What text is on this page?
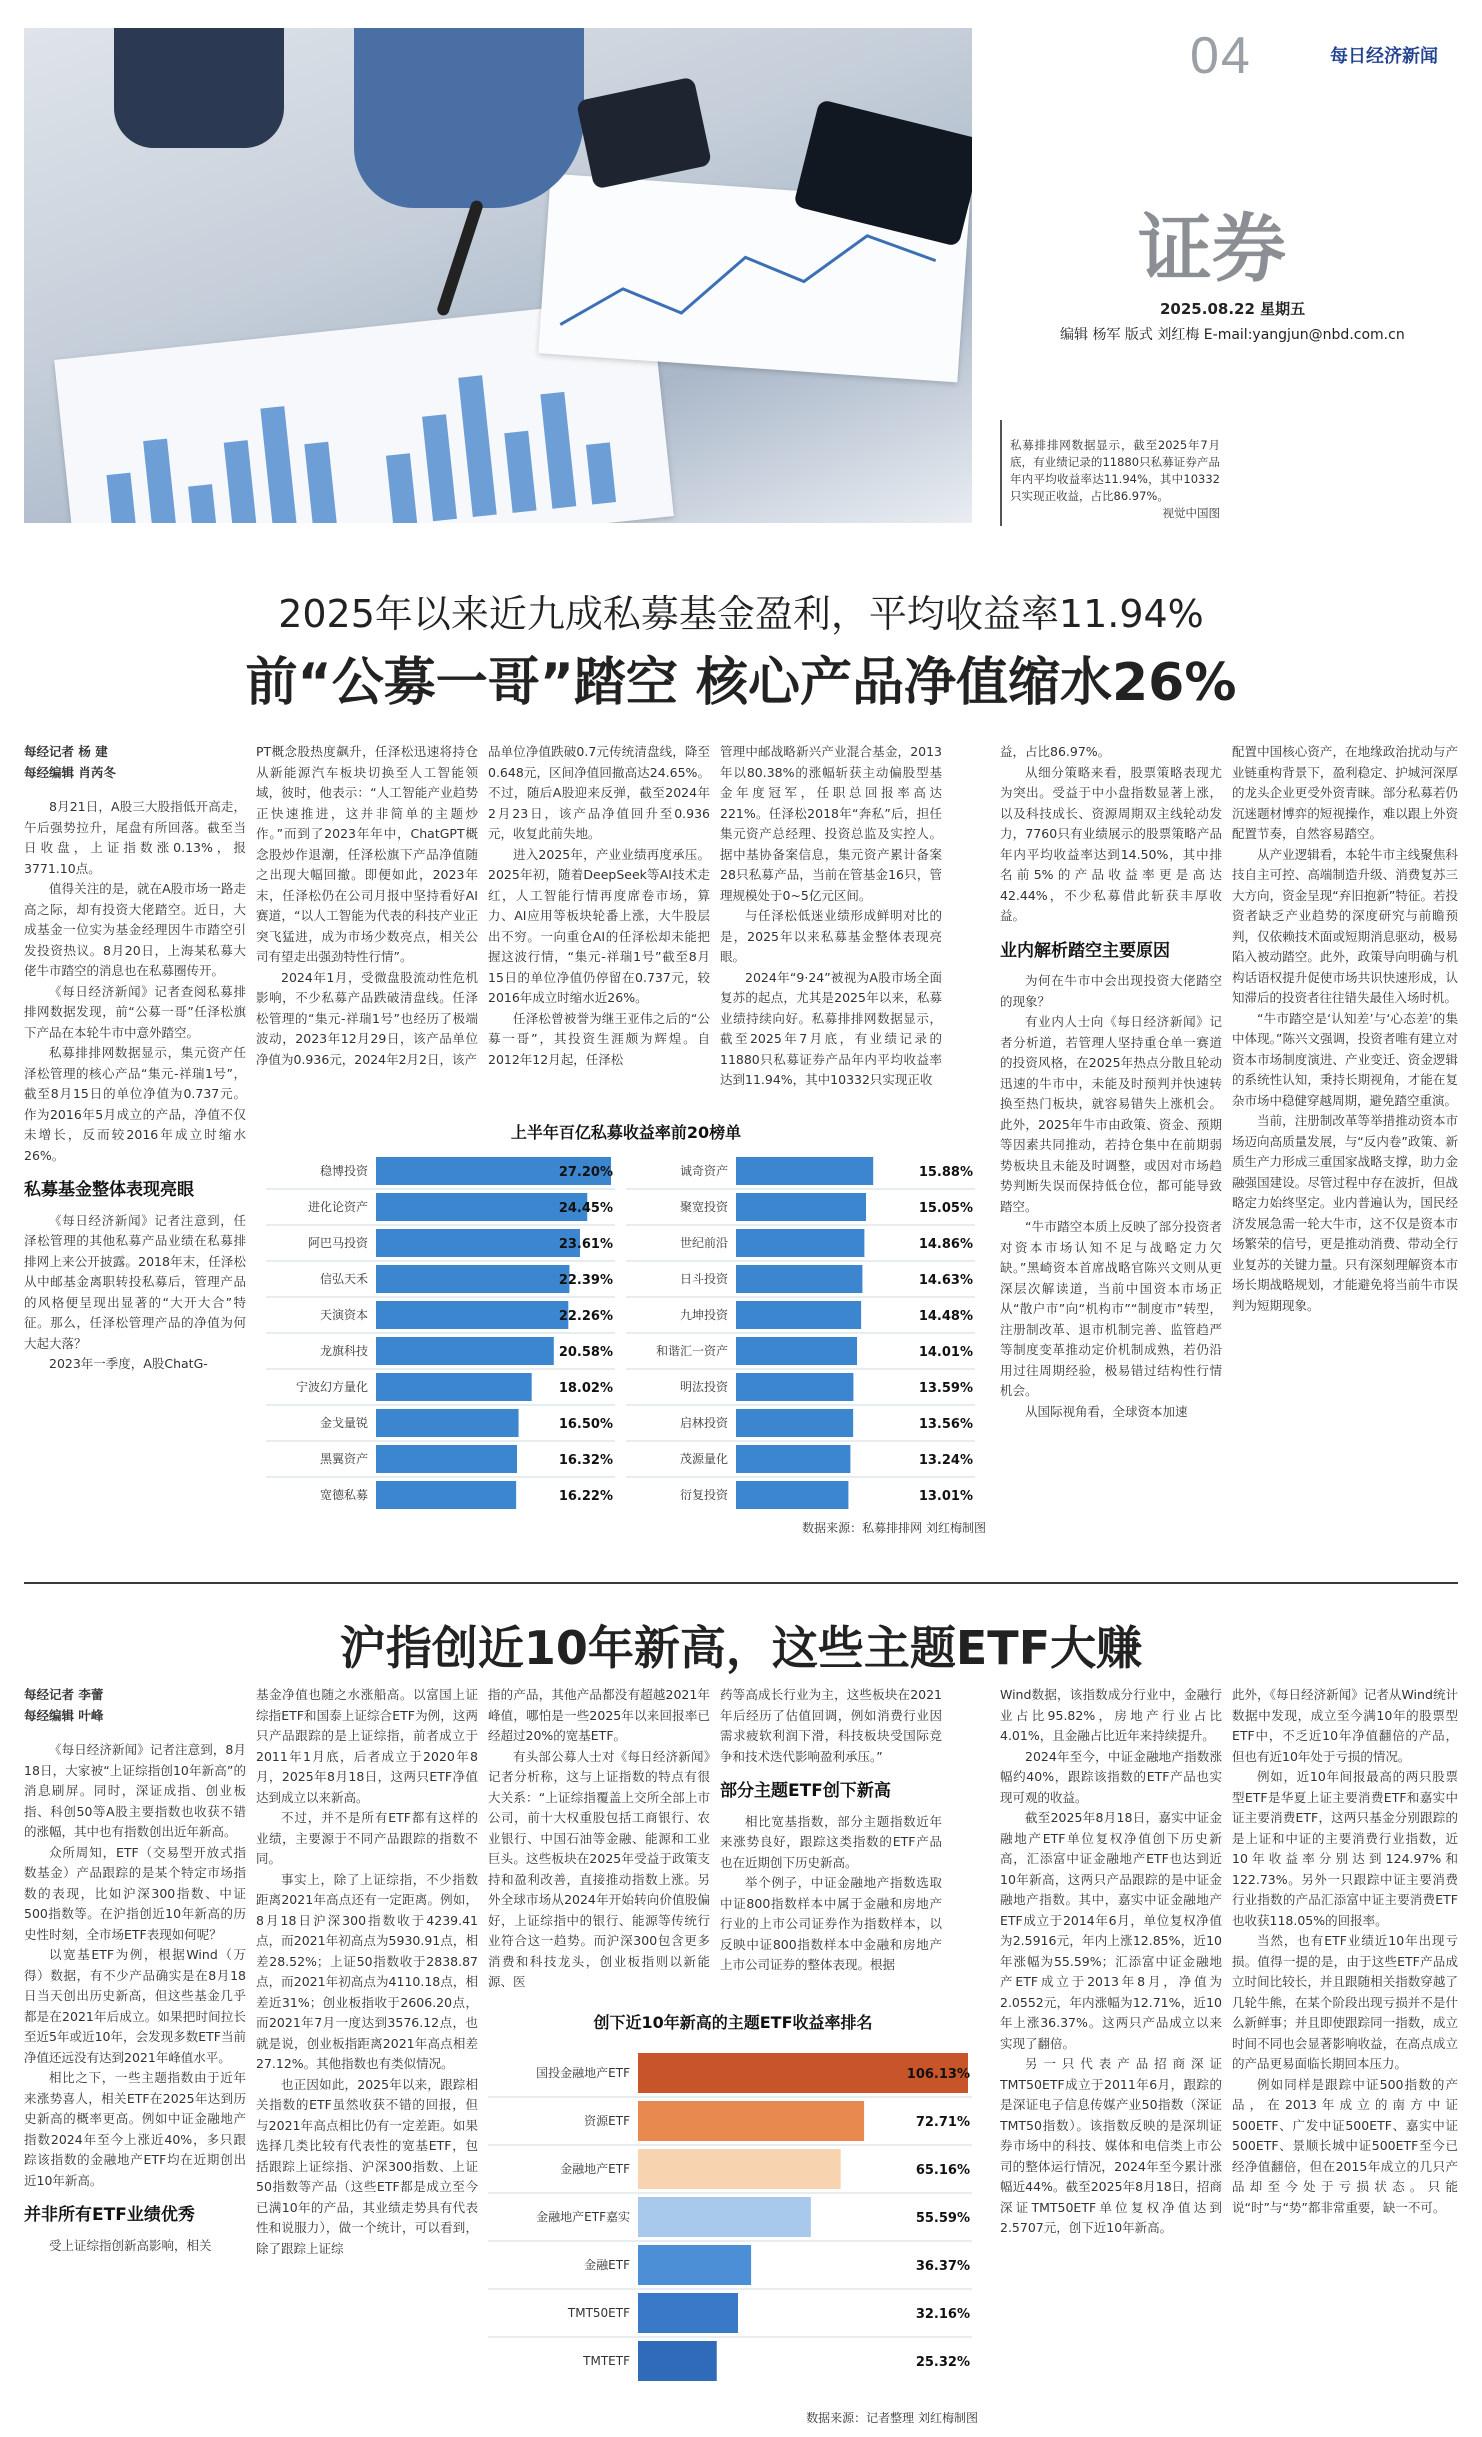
04	每日经济新闻
证券
2025.08.22 星期五
编辑 杨军 版式 刘红梅 E-mail:yangjun@nbd.com.cn
私募排排网数据显示，截至2025年7月底，有业绩记录的11880只私募证券产品年内平均收益率达11.94%，其中10332只实现正收益，占比86.97%。
视觉中国图
2025年以来近九成私募基金盈利，平均收益率11.94%
前“公募一哥”踏空 核心产品净值缩水26%

每经记者 杨 建

每经编辑 肖芮冬

8月21日，A股三大股指低开高走，午后强势拉升，尾盘有所回落。截至当日收盘，上证指数涨0.13%，报3771.10点。

值得关注的是，就在A股市场一路走高之际，却有投资大佬踏空。近日，大成基金一位实为基金经理因牛市踏空引发投资热议。8月20日，上海某私募大佬牛市踏空的消息也在私募圈传开。

《每日经济新闻》记者查阅私募排排网数据发现，前“公募一哥”任泽松旗下产品在本轮牛市中意外踏空。

私募排排网数据显示，集元资产任泽松管理的核心产品“集元-祥瑞1号”，截至8月15日的单位净值为0.737元。作为2016年5月成立的产品，净值不仅未增长，反而较2016年成立时缩水26%。

私募基金整体表现亮眼

《每日经济新闻》记者注意到，任泽松管理的其他私募产品业绩在私募排排网上来公开披露。2018年末，任泽松从中邮基金离职转投私募后，管理产品的风格便呈现出显著的“大开大合”特征。那么，任泽松管理产品的净值为何大起大落？

2023年一季度，A股ChatG-

PT概念股热度飙升，任泽松迅速将持仓从新能源汽车板块切换至人工智能领域，彼时，他表示：“人工智能产业趋势正快速推进，这并非简单的主题炒作。”而到了2023年年中，ChatGPT概念股炒作退潮，任泽松旗下产品净值随之出现大幅回撤。即便如此，2023年末，任泽松仍在公司月报中坚持看好AI赛道，“以人工智能为代表的科技产业正突飞猛进，成为市场少数亮点，相关公司有望走出强劲特性行情”。

2024年1月，受微盘股流动性危机影响，不少私募产品跌破清盘线。任泽松管理的“集元-祥瑞1号”也经历了极端波动，2023年12月29日，该产品单位净值为0.936元，2024年2月2日，该产

品单位净值跌破0.7元传统清盘线，降至0.648元，区间净值回撤高达24.65%。不过，随后A股迎来反弹，截至2024年2月23日，该产品净值回升至0.936元，收复此前失地。

进入2025年，产业业绩再度承压。2025年初，随着DeepSeek等AI技术走红，人工智能行情再度席卷市场，算力、AI应用等板块轮番上涨，大牛股层出不穷。一向重仓AI的任泽松却未能把握这波行情，“集元-祥瑞1号”截至8月15日的单位净值仍停留在0.737元，较2016年成立时缩水近26%。

任泽松曾被誉为继王亚伟之后的“公募一哥”，其投资生涯颇为辉煌。自2012年12月起，任泽松

管理中邮战略新兴产业混合基金，2013年以80.38%的涨幅斩获主动偏股型基金年度冠军，任职总回报率高达221%。任泽松2018年“奔私”后，担任集元资产总经理、投资总监及实控人。据中基协备案信息，集元资产累计备案28只私募产品，当前在管基金16只，管理规模处于0~5亿元区间。

与任泽松低迷业绩形成鲜明对比的是，2025年以来私募基金整体表现亮眼。

2024年“9·24”被视为A股市场全面复苏的起点，尤其是2025年以来，私募业绩持续向好。私募排排网数据显示，截至2025年7月底，有业绩记录的11880只私募证券产品年内平均收益率达到11.94%，其中10332只实现正收

益，占比86.97%。

从细分策略来看，股票策略表现尤为突出。受益于中小盘指数显著上涨，以及科技成长、资源周期双主线轮动发力，7760只有业绩展示的股票策略产品年内平均收益率达到14.50%，其中排名前5%的产品收益率更是高达42.44%，不少私募借此斩获丰厚收益。

业内解析踏空主要原因

为何在牛市中会出现投资大佬踏空的现象？

有业内人士向《每日经济新闻》记者分析道，若管理人坚持重仓单一赛道的投资风格，在2025年热点分散且轮动迅速的牛市中，未能及时预判并快速转换至热门板块，就容易错失上涨机会。此外，2025年牛市由政策、资金、预期等因素共同推动，若持仓集中在前期弱势板块且未能及时调整，或因对市场趋势判断失误而保持低仓位，都可能导致踏空。

“牛市踏空本质上反映了部分投资者对资本市场认知不足与战略定力欠缺。”黑崎资本首席战略官陈兴文则从更深层次解读道，当前中国资本市场正从“散户市”向“机构市”“制度市”转型，注册制改革、退市机制完善、监管趋严等制度变革推动定价机制成熟，若仍沿用过往周期经验，极易错过结构性行情机会。

从国际视角看，全球资本加速

配置中国核心资产，在地缘政治扰动与产业链重构背景下，盈利稳定、护城河深厚的龙头企业更受外资青睐。部分私募若仍沉迷题材博弈的短视操作，难以跟上外资配置节奏，自然容易踏空。

从产业逻辑看，本轮牛市主线聚焦科技自主可控、高端制造升级、消费复苏三大方向，资金呈现“弃旧抱新”特征。若投资者缺乏产业趋势的深度研究与前瞻预判，仅依赖技术面或短期消息驱动，极易陷入被动踏空。此外，政策导向明确与机构话语权提升促使市场共识快速形成，认知滞后的投资者往往错失最佳入场时机。

“牛市踏空是‘认知差’与‘心态差’的集中体现。”陈兴文强调，投资者唯有建立对资本市场制度演进、产业变迁、资金逻辑的系统性认知，秉持长期视角，才能在复杂市场中稳健穿越周期，避免踏空重演。

当前，注册制改革等举措推动资本市场迈向高质量发展，与“反内卷”政策、新质生产力形成三重国家战略支撑，助力金融强国建设。尽管过程中存在波折，但战略定力始终坚定。业内普遍认为，国民经济发展急需一轮大牛市，这不仅是资本市场繁荣的信号，更是推动消费、带动全行业复苏的关键力量。只有深刻理解资本市场长期战略规划，才能避免将当前牛市误判为短期现象。

上半年百亿私募收益率前20榜单
稳博投资	27.20%
进化论资产	24.45%
阿巴马投资	23.61%
信弘天禾	22.39%
天演资本	22.26%
龙旗科技	20.58%
宁波幻方量化	18.02%
金戈量锐	16.50%
黑翼资产	16.32%
宽德私募	16.22%
诚奇资产	15.88%
聚宽投资	15.05%
世纪前沿	14.86%
日斗投资	14.63%
九坤投资	14.48%
和谐汇一资产	14.01%
明汯投资	13.59%
启林投资	13.56%
茂源量化	13.24%
衍复投资	13.01%
数据来源：私募排排网 刘红梅制图
沪指创近10年新高，这些主题ETF大赚

每经记者 李蕾

每经编辑 叶峰

《每日经济新闻》记者注意到，8月18日，大家被“上证综指创10年新高”的消息刷屏。同时，深证成指、创业板指、科创50等A股主要指数也收获不错的涨幅，其中也有指数创出近年新高。

众所周知，ETF（交易型开放式指数基金）产品跟踪的是某个特定市场指数的表现，比如沪深300指数、中证500指数等。在沪指创近10年新高的历史性时刻，全市场ETF表现如何呢？

以宽基ETF为例，根据Wind（万得）数据，有不少产品确实是在8月18日当天创出历史新高，但这些基金几乎都是在2021年后成立。如果把时间拉长至近5年或近10年，会发现多数ETF当前净值还远没有达到2021年峰值水平。

相比之下，一些主题指数由于近年来涨势喜人，相关ETF在2025年达到历史新高的概率更高。例如中证金融地产指数2024年至今上涨近40%，多只跟踪该指数的金融地产ETF均在近期创出近10年新高。

并非所有ETF业绩优秀

受上证综指创新高影响，相关

基金净值也随之水涨船高。以富国上证综指ETF和国泰上证综合ETF为例，这两只产品跟踪的是上证综指，前者成立于2011年1月底，后者成立于2020年8月，2025年8月18日，这两只ETF净值达到成立以来新高。

不过，并不是所有ETF都有这样的业绩，主要源于不同产品跟踪的指数不同。

事实上，除了上证综指，不少指数距离2021年高点还有一定距离。例如，8月18日沪深300指数收于4239.41点，而2021年初高点为5930.91点，相差28.52%；上证50指数收于2838.87点，而2021年初高点为4110.18点，相差近31%；创业板指收于2606.20点，而2021年7月一度达到3576.12点，也就是说，创业板指距离2021年高点相差27.12%。其他指数也有类似情况。

也正因如此，2025年以来，跟踪相关指数的ETF虽然收获不错的回报，但与2021年高点相比仍有一定差距。如果选择几类比较有代表性的宽基ETF，包括跟踪上证综指、沪深300指数、上证50指数等产品（这些ETF都是成立至今已满10年的产品，其业绩走势具有代表性和说服力），做一个统计，可以看到，除了跟踪上证综

指的产品，其他产品都没有超越2021年峰值，哪怕是一些2025年以来回报率已经超过20%的宽基ETF。

有头部公募人士对《每日经济新闻》记者分析称，这与上证指数的特点有很大关系：“上证综指覆盖上交所全部上市公司，前十大权重股包括工商银行、农业银行、中国石油等金融、能源和工业巨头。这些板块在2025年受益于政策支持和盈利改善，直接推动指数上涨。另外全球市场从2024年开始转向价值股偏好，上证综指中的银行、能源等传统行业符合这一趋势。而沪深300包含更多消费和科技龙头，创业板指则以新能源、医

药等高成长行业为主，这些板块在2021年后经历了估值回调，例如消费行业因需求疲软利润下滑，科技板块受国际竞争和技术迭代影响盈利承压。”

部分主题ETF创下新高

相比宽基指数，部分主题指数近年来涨势良好，跟踪这类指数的ETF产品也在近期创下历史新高。

举个例子，中证金融地产指数选取中证800指数样本中属于金融和房地产行业的上市公司证券作为指数样本，以反映中证800指数样本中金融和房地产上市公司证券的整体表现。根据

Wind数据，该指数成分行业中，金融行业占比95.82%，房地产行业占比4.01%，且金融占比近年来持续提升。

2024年至今，中证金融地产指数涨幅约40%，跟踪该指数的ETF产品也实现可观的收益。

截至2025年8月18日，嘉实中证金融地产ETF单位复权净值创下历史新高，汇添富中证金融地产ETF也达到近10年新高，这两只产品跟踪的是中证金融地产指数。其中，嘉实中证金融地产ETF成立于2014年6月，单位复权净值为2.5916元，年内上涨12.85%，近10年涨幅为55.59%；汇添富中证金融地产ETF成立于2013年8月，净值为2.0552元，年内涨幅为12.71%，近10年上涨36.37%。这两只产品成立以来实现了翻倍。

另一只代表产品招商深证TMT50ETF成立于2011年6月，跟踪的是深证电子信息传媒产业50指数（深证TMT50指数）。该指数反映的是深圳证券市场中的科技、媒体和电信类上市公司的整体运行情况，2024年至今累计涨幅近44%。截至2025年8月18日，招商深证TMT50ETF单位复权净值达到2.5707元，创下近10年新高。

此外，《每日经济新闻》记者从Wind统计数据中发现，成立至今满10年的股票型ETF中，不乏近10年净值翻倍的产品，但也有近10年处于亏损的情况。

例如，近10年间报最高的两只股票型ETF是华夏上证主要消费ETF和嘉实中证主要消费ETF，这两只基金分别跟踪的是上证和中证的主要消费行业指数，近10年收益率分别达到124.97%和122.73%。另外一只跟踪中证主要消费行业指数的产品汇添富中证主要消费ETF也收获118.05%的回报率。

当然，也有ETF业绩近10年出现亏损。值得一提的是，由于这些ETF产品成立时间比较长，并且跟随相关指数穿越了几轮牛熊，在某个阶段出现亏损并不是什么新鲜事；并且即使跟踪同一指数，成立时间不同也会显著影响收益，在高点成立的产品更易面临长期回本压力。

例如同样是跟踪中证500指数的产品，在2013年成立的南方中证500ETF、广发中证500ETF、嘉实中证500ETF、景顺长城中证500ETF至今已经净值翻倍，但在2015年成立的几只产品却至今处于亏损状态。只能说“时”与“势”都非常重要，缺一不可。

创下近10年新高的主题ETF收益率排名
国投金融地产ETF	106.13%
资源ETF	72.71%
金融地产ETF	65.16%
金融地产ETF嘉实	55.59%
金融ETF	36.37%
TMT50ETF	32.16%
TMTETF	25.32%
数据来源：记者整理 刘红梅制图
